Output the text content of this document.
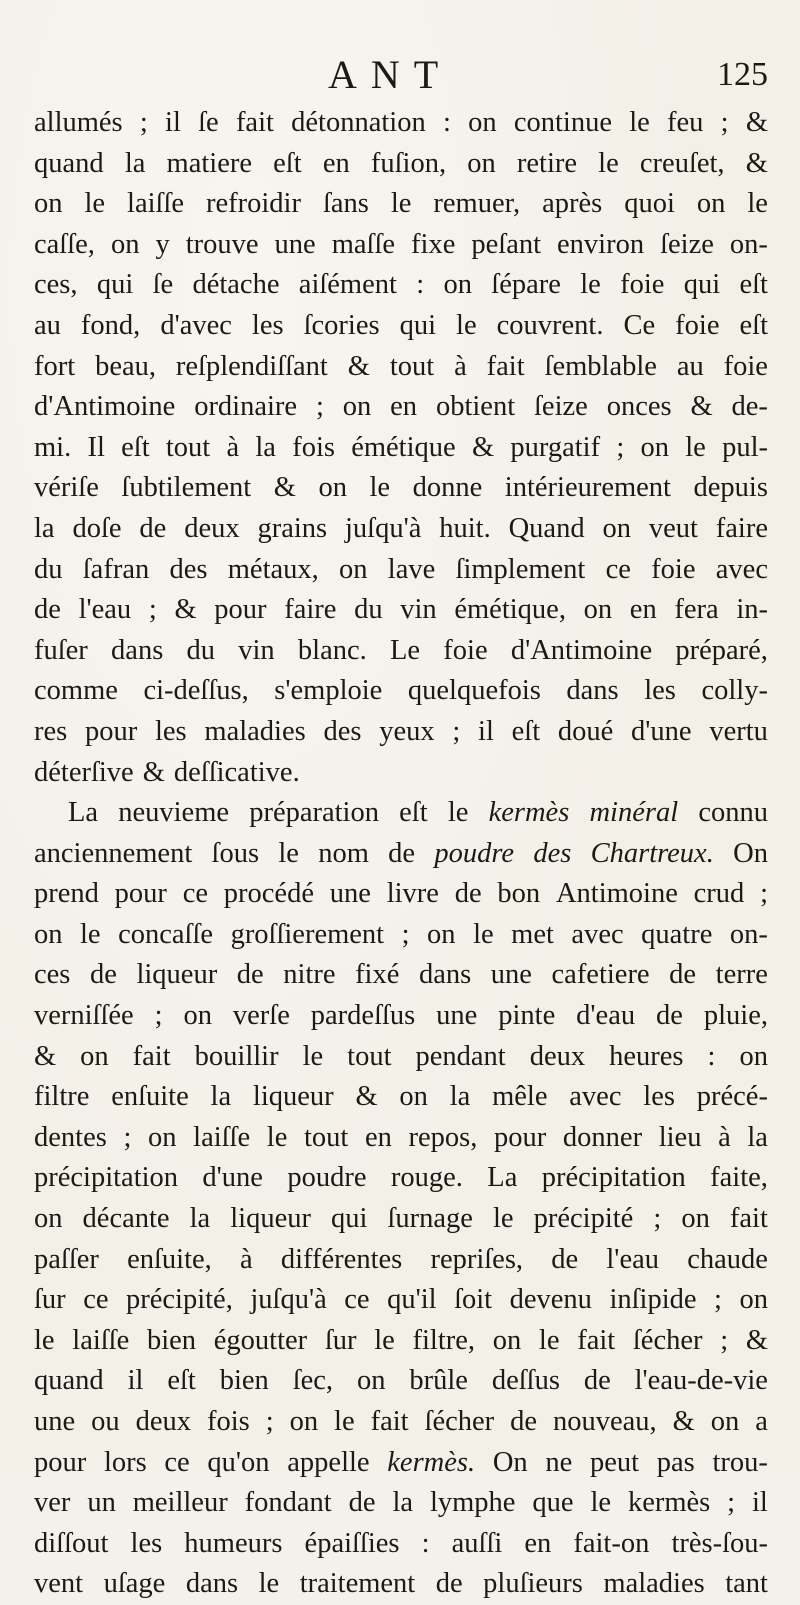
ANT	125
allumés ; il ſe fait détonnation : on continue le feu ; &
quand la matiere eſt en fuſion, on retire le creuſet, &
on le laiſſe refroidir ſans le remuer, après quoi on le
caſſe, on y trouve une maſſe fixe peſant environ ſeize on-
ces, qui ſe détache aiſément : on ſépare le foie qui eſt
au fond, d'avec les ſcories qui le couvrent. Ce foie eſt
fort beau, reſplendiſſant & tout à fait ſemblable au foie
d'Antimoine ordinaire ; on en obtient ſeize onces & de-
mi. Il eſt tout à la fois émétique & purgatif ; on le pul-
vériſe ſubtilement & on le donne intérieurement depuis
la doſe de deux grains juſqu'à huit. Quand on veut faire
du ſafran des métaux, on lave ſimplement ce foie avec
de l'eau ; & pour faire du vin émétique, on en fera in-
fuſer dans du vin blanc. Le foie d'Antimoine préparé,
comme ci-deſſus, s'emploie quelquefois dans les colly-
res pour les maladies des yeux ; il eſt doué d'une vertu
déterſive & deſſicative.
La neuvieme préparation eſt le kermès minéral connu
anciennement ſous le nom de poudre des Chartreux. On
prend pour ce procédé une livre de bon Antimoine crud ;
on le concaſſe groſſierement ; on le met avec quatre on-
ces de liqueur de nitre fixé dans une cafetiere de terre
verniſſée ; on verſe pardeſſus une pinte d'eau de pluie,
& on fait bouillir le tout pendant deux heures : on
filtre enſuite la liqueur & on la mêle avec les précé-
dentes ; on laiſſe le tout en repos, pour donner lieu à la
précipitation d'une poudre rouge. La précipitation faite,
on décante la liqueur qui ſurnage le précipité ; on fait
paſſer enſuite, à différentes repriſes, de l'eau chaude
ſur ce précipité, juſqu'à ce qu'il ſoit devenu inſipide ; on
le laiſſe bien égoutter ſur le filtre, on le fait ſécher ; &
quand il eſt bien ſec, on brûle deſſus de l'eau-de-vie
une ou deux fois ; on le fait ſécher de nouveau, & on a
pour lors ce qu'on appelle kermès. On ne peut pas trou-
ver un meilleur fondant de la lymphe que le kermès ; il
diſſout les humeurs épaiſſies : auſſi en fait-on très-ſou-
vent uſage dans le traitement de pluſieurs maladies tant
